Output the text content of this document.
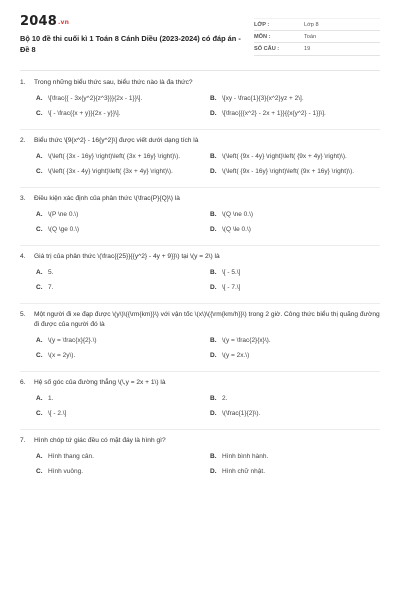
2048.vn
Bộ 10 đề thi cuối kì 1 Toán 8 Cánh Diều (2023-2024) có đáp án - Đề 8
LỚP :	Lớp 8
MÔN :	Toán
SỐ CÂU :	19
1. Trong những biểu thức sau, biểu thức nào là đa thức?
A. \[\frac{{ - 3x{y^2}{z^3}}}{2x - 1}}\].	B. \[xy - \frac{1}{3}{x^2}yz + 2\].
C. \[ - \frac{{x + y}}{2x - y}}\].	D. \[\frac{{{x^2} - 2x + 1}}{{x{y^2} - 1}}\].
2. Biểu thức \[9{x^2} - 16{y^2}\] được viết dưới dạng tích là
A. \(\left( {3x - 16y} \right)\left( {3x + 16y} \right)\).	B. \(\left( {9x - 4y} \right)\left( {9x + 4y} \right)\).
C. \(\left( {3x - 4y} \right)\left( {3x + 4y} \right)\).	D. \(\left( {9x - 16y} \right)\left( {9x + 16y} \right)\).
3. Điều kiện xác định của phân thức \(\frac{P}{Q}\) là
A. \(P \ne 0.\)	B. \(Q \ne 0.\)
C. \(Q \ge 0.\)	D. \(Q \le 0.\)
4. Giá trị của phân thức \(\frac{{25}}{{y^2} - 4y + 9}}\) tại \(y = 2\) là
A. 5.	B. \[ - 5.\]
C. 7.	D. \[ - 7.\]
5. Một người đi xe đạp được \(y\)\({\rm{km}}\) với vận tốc \(x\)\({\rm{km/h}}\) trong 2 giờ. Công thức biểu thị quãng đường đi được của người đó là
A. \(y = \frac{x}{2}.\)	B. \(y = \frac{2}{x}\).
C. \(x = 2y\).	D. \(y = 2x.\)
6. Hệ số góc của đường thẳng \(\,y = 2x + 1\) là
A. 1.	B. 2.
C. \[ - 2.\]	D. \(\frac{1}{2}\).
7. Hình chóp tứ giác đều có mặt đáy là hình gì?
A. Hình thang cân.	B. Hình bình hành.
C. Hình vuông.	D. Hình chữ nhật.
